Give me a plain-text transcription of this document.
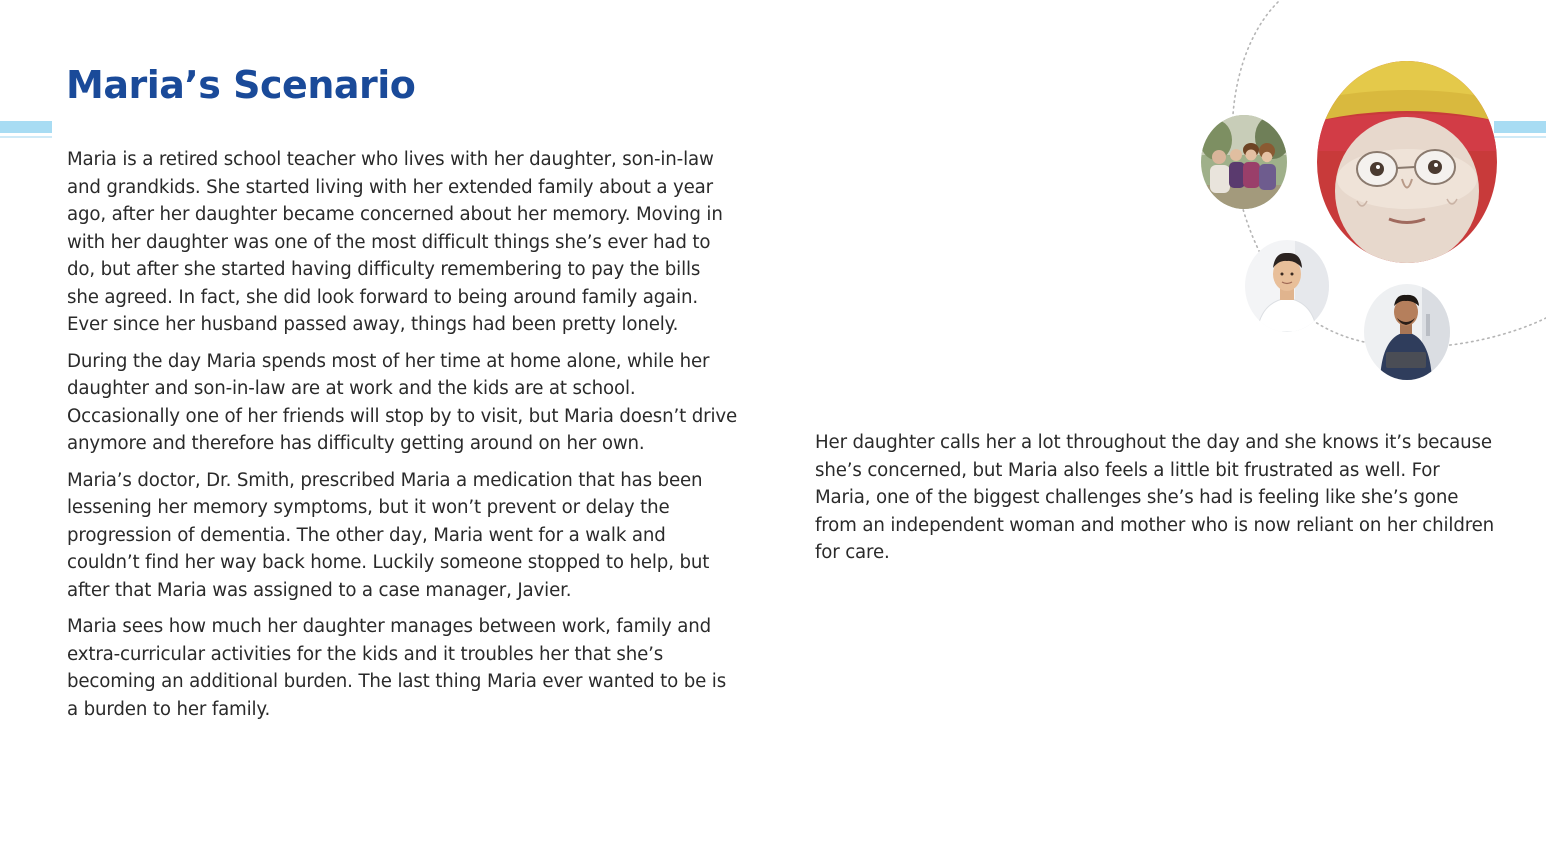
Maria’s Scenario

Maria is a retired school teacher who lives with her daughter, son-in-law and grandkids. She started living with her extended family about a year ago, after her daughter became concerned about her memory. Moving in with her daughter was one of the most difficult things she’s ever had to do, but after she started having difficulty remembering to pay the bills she agreed. In fact, she did look forward to being around family again. Ever since her husband passed away, things had been pretty lonely.

During the day Maria spends most of her time at home alone, while her daughter and son-in-law are at work and the kids are at school. Occasionally one of her friends will stop by to visit, but Maria doesn’t drive anymore and therefore has difficulty getting around on her own.

Maria’s doctor, Dr. Smith, prescribed Maria a medication that has been lessening her memory symptoms, but it won’t prevent or delay the progression of dementia. The other day, Maria went for a walk and couldn’t find her way back home. Luckily someone stopped to help, but after that Maria was assigned to a case manager, Javier.

Maria sees how much her daughter manages between work, family and extra-curricular activities for the kids and it troubles her that she’s becoming an additional burden. The last thing Maria ever wanted to be is a burden to her family.

Her daughter calls her a lot throughout the day and she knows it’s because she’s concerned, but Maria also feels a little bit frustrated as well. For Maria, one of the biggest challenges she’s had is feeling like she’s gone from an independent woman and mother who is now reliant on her children for care.
